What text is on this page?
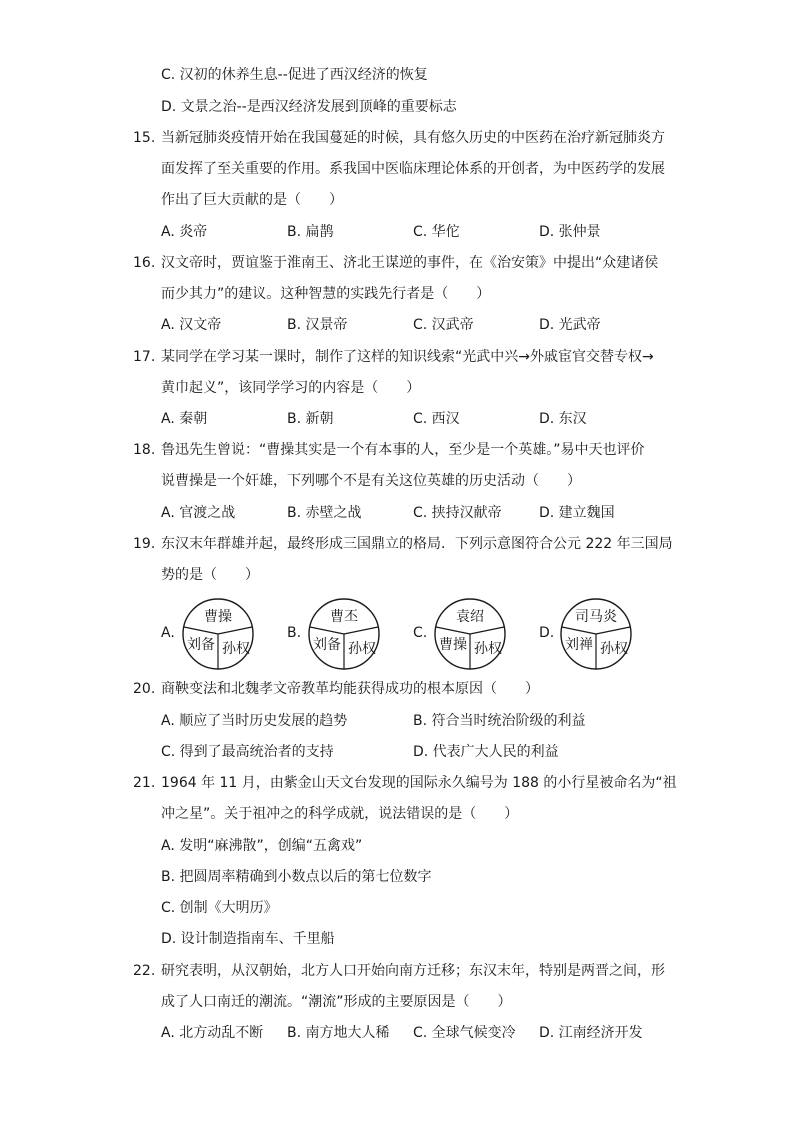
C. 汉初的休养生息--促进了西汉经济的恢复
D. 文景之治--是西汉经济发展到顶峰的重要标志
15. 当新冠肺炎疫情开始在我国蔓延的时候，具有悠久历史的中医药在治疗新冠肺炎方
面发挥了至关重要的作用。系我国中医临床理论体系的开创者，为中医药学的发展
作出了巨大贡献的是（　　）
A. 炎帝	B. 扁鹊	C. 华佗	D. 张仲景
16. 汉文帝时，贾谊鉴于淮南王、济北王谋逆的事件，在《治安策》中提出“众建诸侯
而少其力”的建议。这种智慧的实践先行者是（　　）
A. 汉文帝	B. 汉景帝	C. 汉武帝	D. 光武帝
17. 某同学在学习某一课时，制作了这样的知识线索“光武中兴→外戚宦官交替专权→
黄巾起义”，该同学学习的内容是（　　）
A. 秦朝	B. 新朝	C. 西汉	D. 东汉
18. 鲁迅先生曾说：“曹操其实是一个有本事的人，至少是一个英雄。”易中天也评价
说曹操是一个奸雄，下列哪个不是有关这位英雄的历史活动（　　）
A. 官渡之战	B. 赤壁之战	C. 挟持汉献帝	D. 建立魏国
19. 东汉末年群雄并起，最终形成三国鼎立的格局．下列示意图符合公元 222 年三国局
势的是（　　）
A.
曹操
刘备 孙权
B.
曹丕
刘备 孙权
C.
袁绍
曹操 孙权
D.
司马炎
刘禅 孙权
20. 商鞅变法和北魏孝文帝教革均能获得成功的根本原因（　　）
A. 顺应了当时历史发展的趋势	B. 符合当时统治阶级的利益
C. 得到了最高统治者的支持	D. 代表广大人民的利益
21. 1964 年 11 月，由紫金山天文台发现的国际永久编号为 188 的小行星被命名为“祖
冲之星”。关于祖冲之的科学成就，说法错误的是（　　）
A. 发明“麻沸散”，创编“五禽戏”
B. 把圆周率精确到小数点以后的第七位数字
C. 创制《大明历》
D. 设计制造指南车、千里船
22. 研究表明，从汉朝始，北方人口开始向南方迁移；东汉末年，特别是两晋之间，形
成了人口南迁的潮流。“潮流”形成的主要原因是（　　）
A. 北方动乱不断 B. 南方地大人稀 C. 全球气候变冷 D. 江南经济开发
